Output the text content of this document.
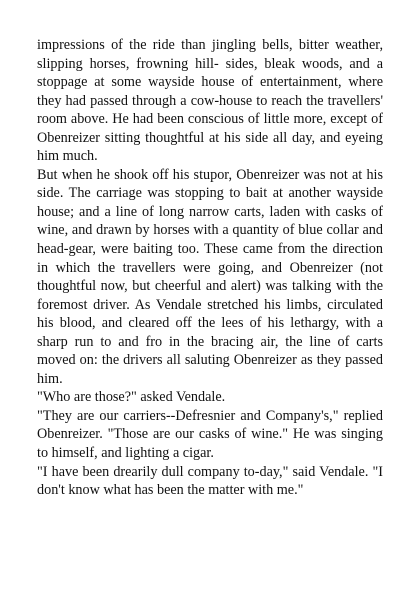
impressions of the ride than jingling bells, bitter weather, slipping horses, frowning hill- sides, bleak woods, and a stoppage at some wayside house of entertainment, where they had passed through a cow-house to reach the travellers' room above. He had been conscious of little more, except of Obenreizer sitting thoughtful at his side all day, and eyeing him much.

But when he shook off his stupor, Obenreizer was not at his side. The carriage was stopping to bait at another wayside house; and a line of long narrow carts, laden with casks of wine, and drawn by horses with a quantity of blue collar and head-gear, were baiting too. These came from the direction in which the travellers were going, and Obenreizer (not thoughtful now, but cheerful and alert) was talking with the foremost driver. As Vendale stretched his limbs, circulated his blood, and cleared off the lees of his lethargy, with a sharp run to and fro in the bracing air, the line of carts moved on: the drivers all saluting Obenreizer as they passed him.

"Who are those?" asked Vendale.

"They are our carriers--Defresnier and Company's," replied Obenreizer. "Those are our casks of wine." He was singing to himself, and lighting a cigar.

"I have been drearily dull company to-day," said Vendale. "I don't know what has been the matter with me."
